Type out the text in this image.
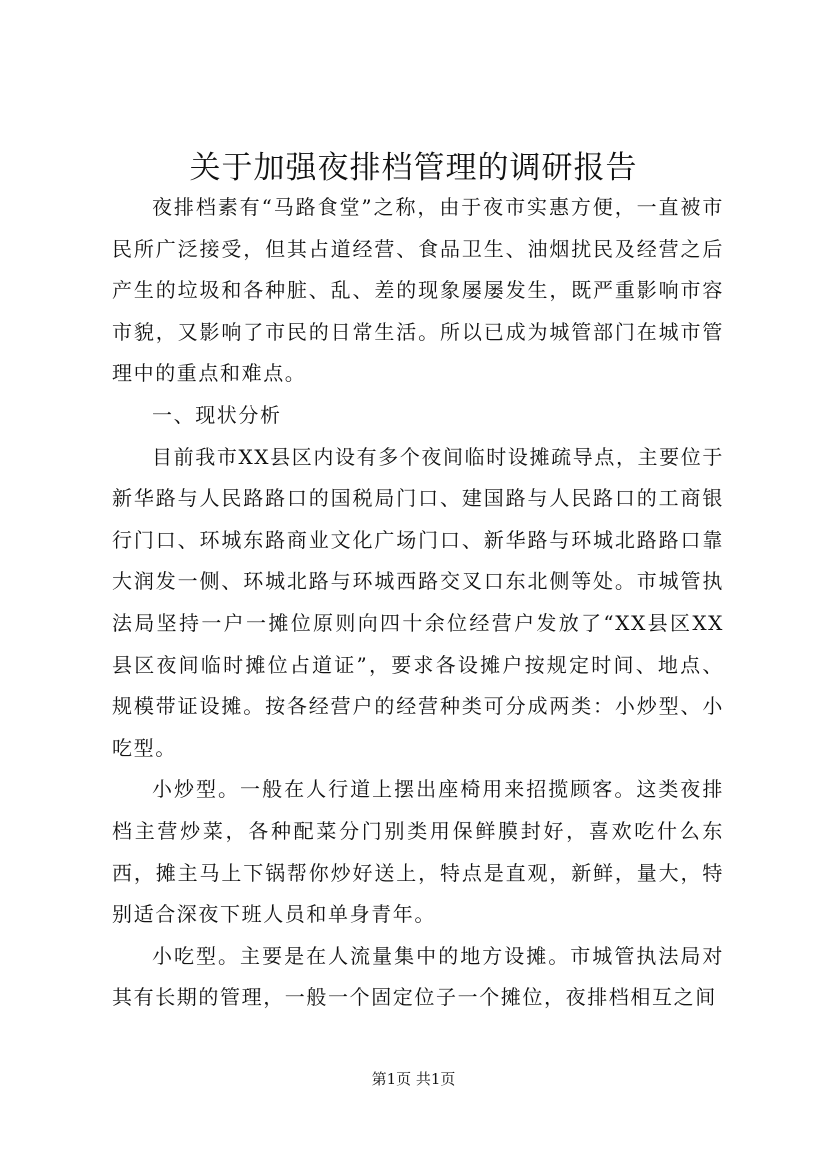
关于加强夜排档管理的调研报告

夜排档素有“马路食堂”之称，由于夜市实惠方便，一直被市民所广泛接受，但其占道经营、食品卫生、油烟扰民及经营之后产生的垃圾和各种脏、乱、差的现象屡屡发生，既严重影响市容市貌，又影响了市民的日常生活。所以已成为城管部门在城市管理中的重点和难点。

一、现状分析

目前我市XX县区内设有多个夜间临时设摊疏导点，主要位于新华路与人民路路口的国税局门口、建国路与人民路口的工商银行门口、环城东路商业文化广场门口、新华路与环城北路路口靠大润发一侧、环城北路与环城西路交叉口东北侧等处。市城管执法局坚持一户一摊位原则向四十余位经营户发放了“XX县区XX县区夜间临时摊位占道证”，要求各设摊户按规定时间、地点、规模带证设摊。按各经营户的经营种类可分成两类：小炒型、小吃型。

小炒型。一般在人行道上摆出座椅用来招揽顾客。这类夜排档主营炒菜，各种配菜分门别类用保鲜膜封好，喜欢吃什么东西，摊主马上下锅帮你炒好送上，特点是直观，新鲜，量大，特别适合深夜下班人员和单身青年。

小吃型。主要是在人流量集中的地方设摊。市城管执法局对其有长期的管理，一般一个固定位子一个摊位，夜排档相互之间

第1页 共1页
